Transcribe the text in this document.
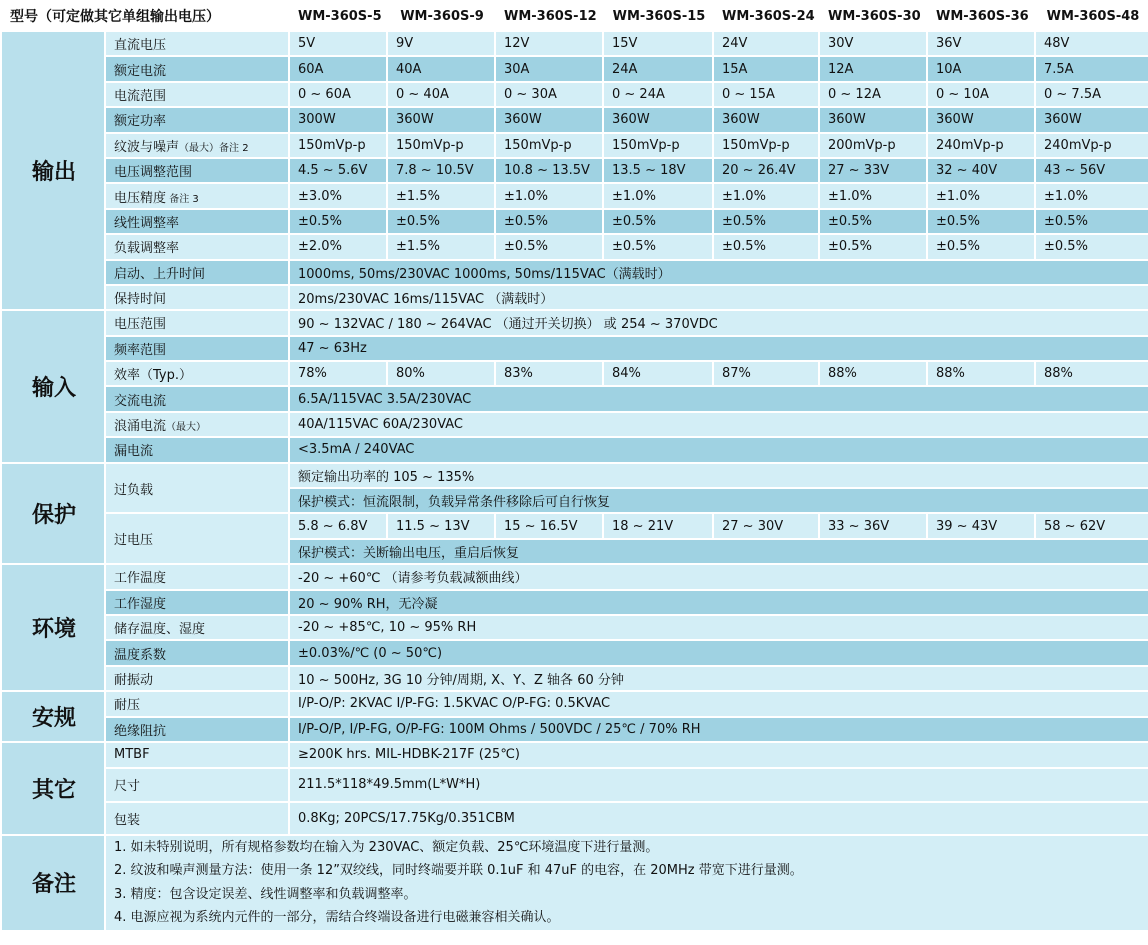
型号（可定做其它单组输出电压）		WM-360S-5	WM-360S-9	WM-360S-12	WM-360S-15	WM-360S-24	WM-360S-30	WM-360S-36	WM-360S-48
输出	直流电压	5V	9V	12V	15V	24V	30V	36V	48V
	额定电流	60A	40A	30A	24A	15A	12A	10A	7.5A
	电流范围	0 ~ 60A	0 ~ 40A	0 ~ 30A	0 ~ 24A	0 ~ 15A	0 ~ 12A	0 ~ 10A	0 ~ 7.5A
	额定功率	300W	360W	360W	360W	360W	360W	360W	360W
	纹波与噪声（最大）备注 2	150mVp-p	150mVp-p	150mVp-p	150mVp-p	150mVp-p	200mVp-p	240mVp-p	240mVp-p
	电压调整范围	4.5 ~ 5.6V	7.8 ~ 10.5V	10.8 ~ 13.5V	13.5 ~ 18V	20 ~ 26.4V	27 ~ 33V	32 ~ 40V	43 ~ 56V
	电压精度 备注 3	±3.0%	±1.5%	±1.0%	±1.0%	±1.0%	±1.0%	±1.0%	±1.0%
	线性调整率	±0.5%	±0.5%	±0.5%	±0.5%	±0.5%	±0.5%	±0.5%	±0.5%
	负载调整率	±2.0%	±1.5%	±0.5%	±0.5%	±0.5%	±0.5%	±0.5%	±0.5%
	启动、上升时间	1000ms, 50ms/230VAC 1000ms, 50ms/115VAC（满载时）							
	保持时间	20ms/230VAC 16ms/115VAC （满载时）							
输入	电压范围	90 ~ 132VAC / 180 ~ 264VAC （通过开关切换） 或 254 ~ 370VDC							
	频率范围	47 ~ 63Hz							
	效率（Typ.）	78%	80%	83%	84%	87%	88%	88%	88%
	交流电流	6.5A/115VAC 3.5A/230VAC							
	浪涌电流（最大）	40A/115VAC 60A/230VAC							
	漏电流	<3.5mA / 240VAC							
保护	过负载	额定输出功率的 105 ~ 135%							
		保护模式：恒流限制，负载异常条件移除后可自行恢复							
	过电压	5.8 ~ 6.8V	11.5 ~ 13V	15 ~ 16.5V	18 ~ 21V	27 ~ 30V	33 ~ 36V	39 ~ 43V	58 ~ 62V
		保护模式：关断输出电压，重启后恢复							
环境	工作温度	-20 ~ +60℃ （请参考负载减额曲线）							
	工作湿度	20 ~ 90% RH，无冷凝							
	储存温度、湿度	-20 ~ +85℃, 10 ~ 95% RH							
	温度系数	±0.03%/℃ (0 ~ 50℃)							
	耐振动	10 ~ 500Hz, 3G 10 分钟/周期, X、Y、Z 轴各 60 分钟							
安规	耐压	I/P-O/P: 2KVAC I/P-FG: 1.5KVAC O/P-FG: 0.5KVAC							
	绝缘阻抗	I/P-O/P, I/P-FG, O/P-FG: 100M Ohms / 500VDC / 25℃ / 70% RH							
其它	MTBF	≥200K hrs. MIL-HDBK-217F (25℃)							
	尺寸	211.5*118*49.5mm(L*W*H)							
	包装	0.8Kg; 20PCS/17.75Kg/0.351CBM							
备注	1. 如未特别说明，所有规格参数均在输入为 230VAC、额定负载、25℃环境温度下进行量测。
2. 纹波和噪声测量方法：使用一条 12”双绞线，同时终端要并联 0.1uF 和 47uF 的电容，在 20MHz 带宽下进行量测。
3. 精度：包含设定误差、线性调整率和负载调整率。
4. 电源应视为系统内元件的一部分，需结合终端设备进行电磁兼容相关确认。								
